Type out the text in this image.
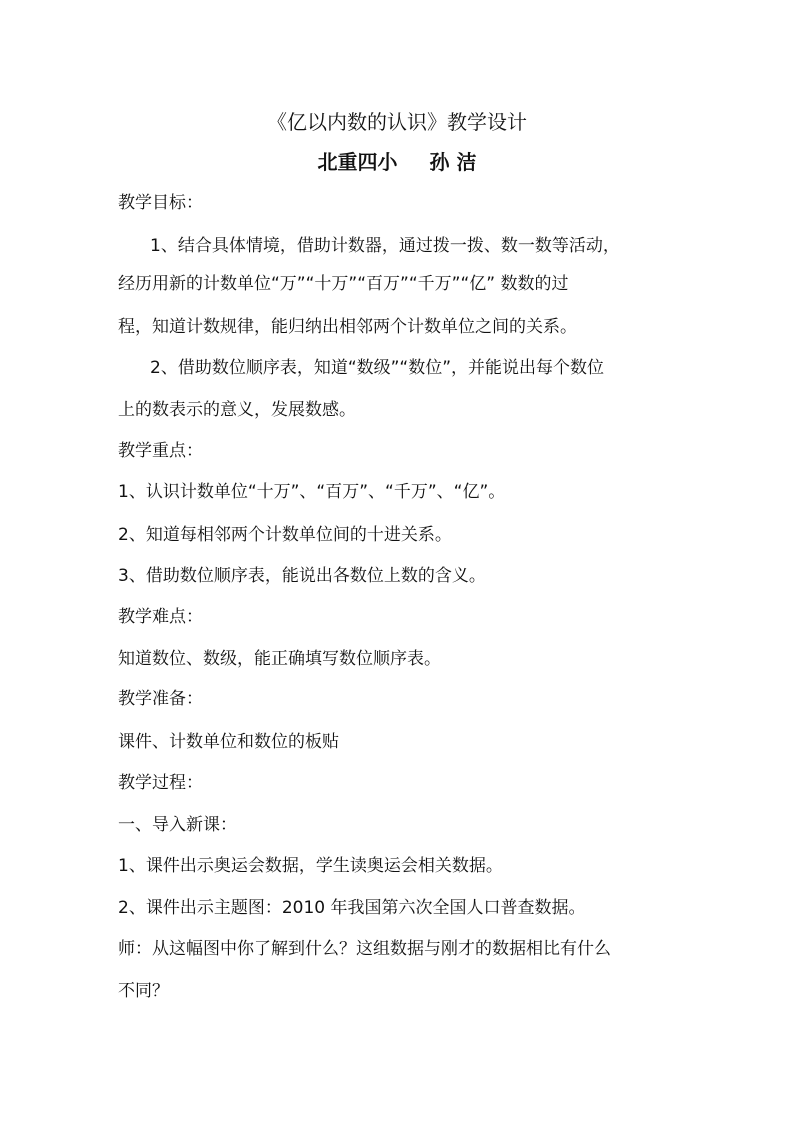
《亿以内数的认识》教学设计
北重四小 孙 洁
教学目标：
1、结合具体情境，借助计数器，通过拨一拨、数一数等活动，
经历用新的计数单位“万”“十万”“百万”“千万”“亿” 数数的过
程，知道计数规律，能归纳出相邻两个计数单位之间的关系。
2、借助数位顺序表，知道“数级”“数位”，并能说出每个数位
上的数表示的意义，发展数感。
教学重点：
1、认识计数单位“十万”、“百万”、“千万”、“亿”。
2、知道每相邻两个计数单位间的十进关系。
3、借助数位顺序表，能说出各数位上数的含义。
教学难点：
知道数位、数级，能正确填写数位顺序表。
教学准备：
课件、计数单位和数位的板贴
教学过程：
一、导入新课：
1、课件出示奥运会数据，学生读奥运会相关数据。
2、课件出示主题图：2010 年我国第六次全国人口普查数据。
师：从这幅图中你了解到什么？这组数据与刚才的数据相比有什么
不同？
